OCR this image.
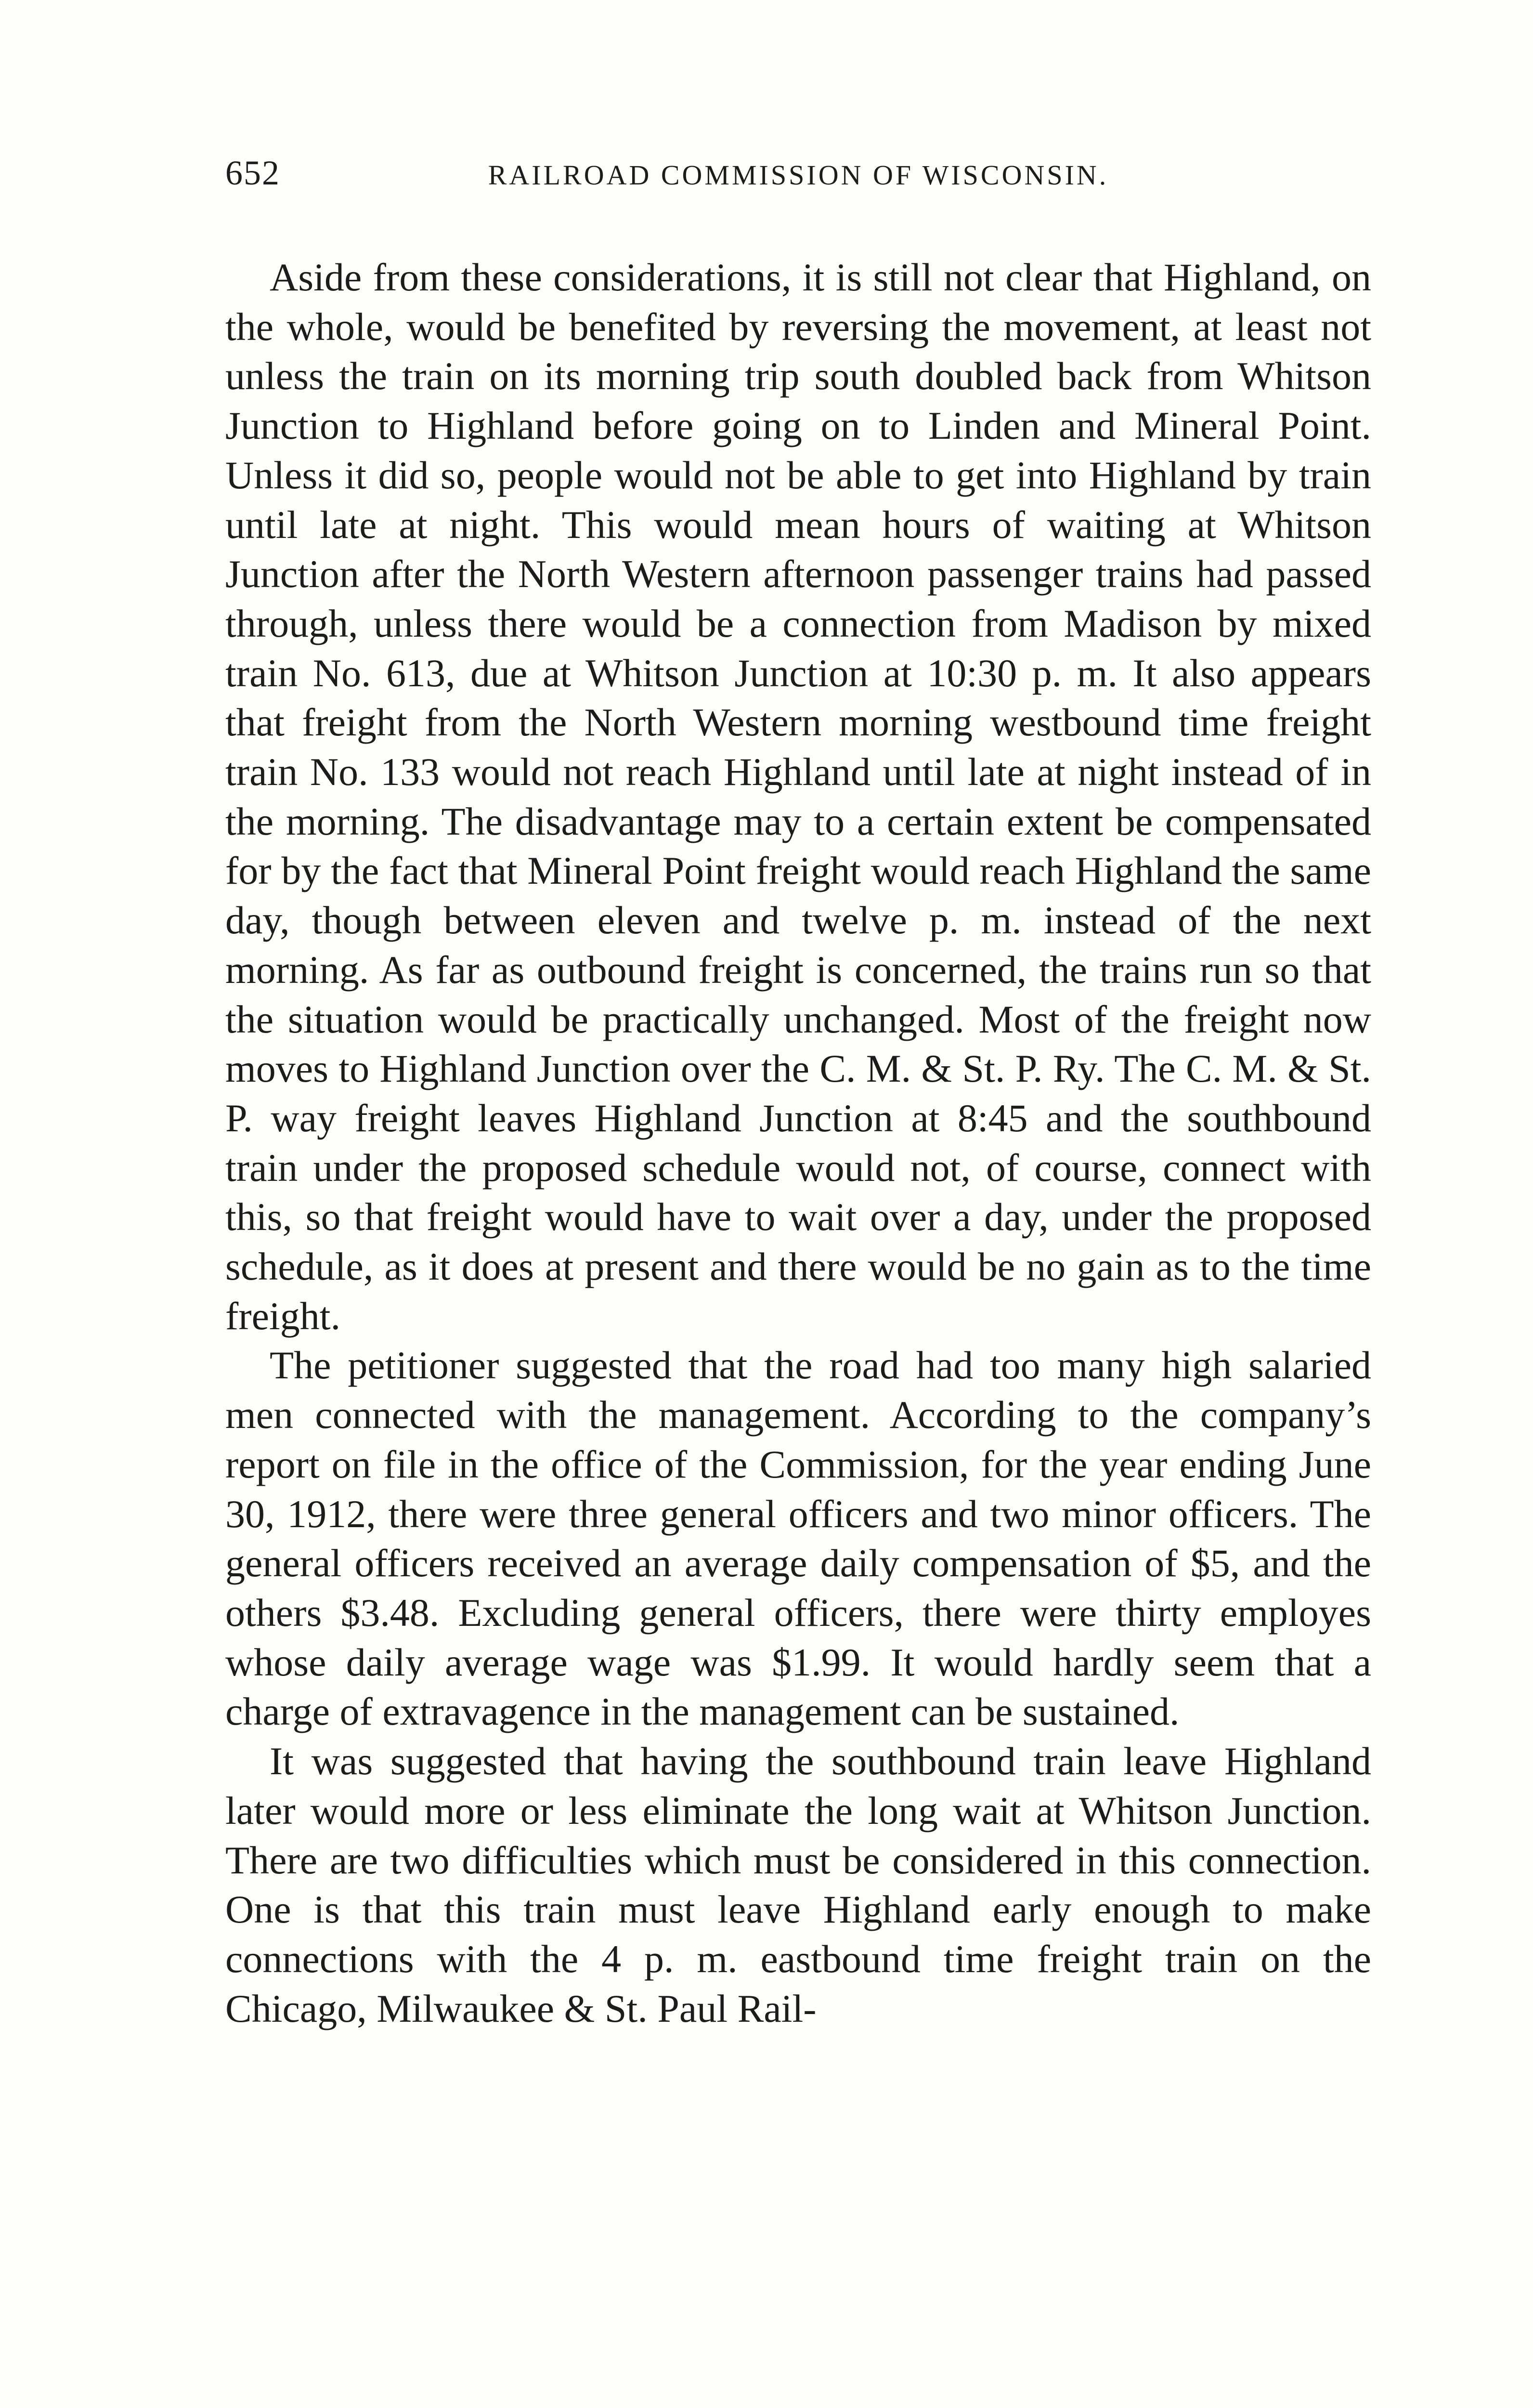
652	RAILROAD COMMISSION OF WISCONSIN.

Aside from these considerations, it is still not clear that Highland, on the whole, would be benefited by reversing the movement, at least not unless the train on its morning trip south doubled back from Whitson Junction to Highland before going on to Linden and Mineral Point. Unless it did so, people would not be able to get into Highland by train until late at night. This would mean hours of waiting at Whitson Junction after the North Western afternoon passenger trains had passed through, unless there would be a connection from Madison by mixed train No. 613, due at Whitson Junction at 10:30 p. m. It also appears that freight from the North Western morning westbound time freight train No. 133 would not reach Highland until late at night instead of in the morning. The disadvantage may to a certain extent be compensated for by the fact that Mineral Point freight would reach Highland the same day, though between eleven and twelve p. m. instead of the next morning. As far as outbound freight is concerned, the trains run so that the situation would be practically unchanged. Most of the freight now moves to Highland Junction over the C. M. & St. P. Ry. The C. M. & St. P. way freight leaves Highland Junction at 8:45 and the southbound train under the proposed schedule would not, of course, connect with this, so that freight would have to wait over a day, under the proposed schedule, as it does at present and there would be no gain as to the time freight.

The petitioner suggested that the road had too many high salaried men connected with the management. According to the company’s report on file in the office of the Commission, for the year ending June 30, 1912, there were three general officers and two minor officers. The general officers received an average daily compensation of $5, and the others $3.48. Excluding general officers, there were thirty employes whose daily average wage was $1.99. It would hardly seem that a charge of extravagence in the management can be sustained.

It was suggested that having the southbound train leave Highland later would more or less eliminate the long wait at Whitson Junction. There are two difficulties which must be considered in this connection. One is that this train must leave Highland early enough to make connections with the 4 p. m. eastbound time freight train on the Chicago, Milwaukee & St. Paul Rail-
